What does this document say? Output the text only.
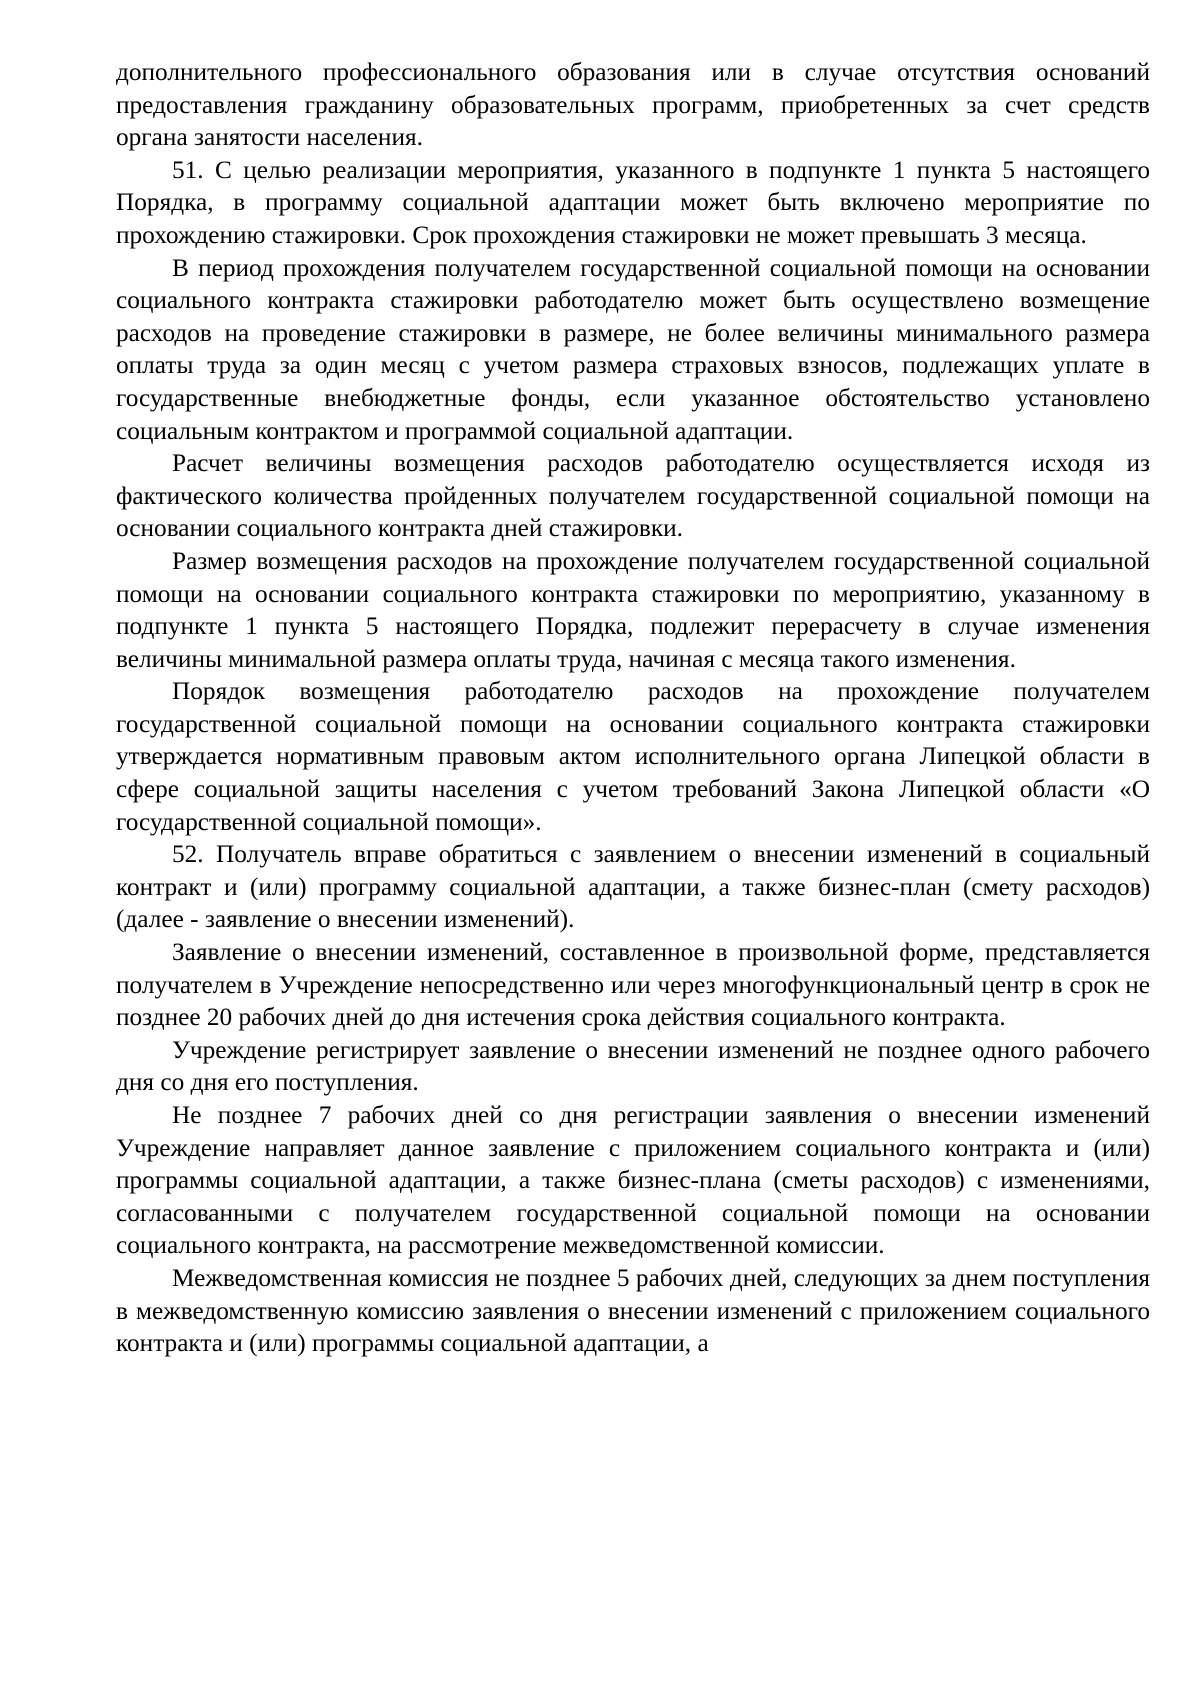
дополнительного профессионального образования или в случае отсутствия оснований предоставления гражданину образовательных программ, приобретенных за счет средств органа занятости населения.

51. С целью реализации мероприятия, указанного в подпункте 1 пункта 5 настоящего Порядка, в программу социальной адаптации может быть включено мероприятие по прохождению стажировки. Срок прохождения стажировки не может превышать 3 месяца.

В период прохождения получателем государственной социальной помощи на основании социального контракта стажировки работодателю может быть осуществлено возмещение расходов на проведение стажировки в размере, не более величины минимального размера оплаты труда за один месяц с учетом размера страховых взносов, подлежащих уплате в государственные внебюджетные фонды, если указанное обстоятельство установлено социальным контрактом и программой социальной адаптации.

Расчет величины возмещения расходов работодателю осуществляется исходя из фактического количества пройденных получателем государственной социальной помощи на основании социального контракта дней стажировки.

Размер возмещения расходов на прохождение получателем государственной социальной помощи на основании социального контракта стажировки по мероприятию, указанному в подпункте 1 пункта 5 настоящего Порядка, подлежит перерасчету в случае изменения величины минимальной размера оплаты труда, начиная с месяца такого изменения.

Порядок возмещения работодателю расходов на прохождение получателем государственной социальной помощи на основании социального контракта стажировки утверждается нормативным правовым актом исполнительного органа Липецкой области в сфере социальной защиты населения с учетом требований Закона Липецкой области «О государственной социальной помощи».

52. Получатель вправе обратиться с заявлением о внесении изменений в социальный контракт и (или) программу социальной адаптации, а также бизнес-план (смету расходов) (далее - заявление о внесении изменений).

Заявление о внесении изменений, составленное в произвольной форме, представляется получателем в Учреждение непосредственно или через многофункциональный центр в срок не позднее 20 рабочих дней до дня истечения срока действия социального контракта.

Учреждение регистрирует заявление о внесении изменений не позднее одного рабочего дня со дня его поступления.

Не позднее 7 рабочих дней со дня регистрации заявления о внесении изменений Учреждение направляет данное заявление с приложением социального контракта и (или) программы социальной адаптации, а также бизнес-плана (сметы расходов) с изменениями, согласованными с получателем государственной социальной помощи на основании социального контракта, на рассмотрение межведомственной комиссии.

Межведомственная комиссия не позднее 5 рабочих дней, следующих за днем поступления в межведомственную комиссию заявления о внесении изменений с приложением социального контракта и (или) программы социальной адаптации, а
